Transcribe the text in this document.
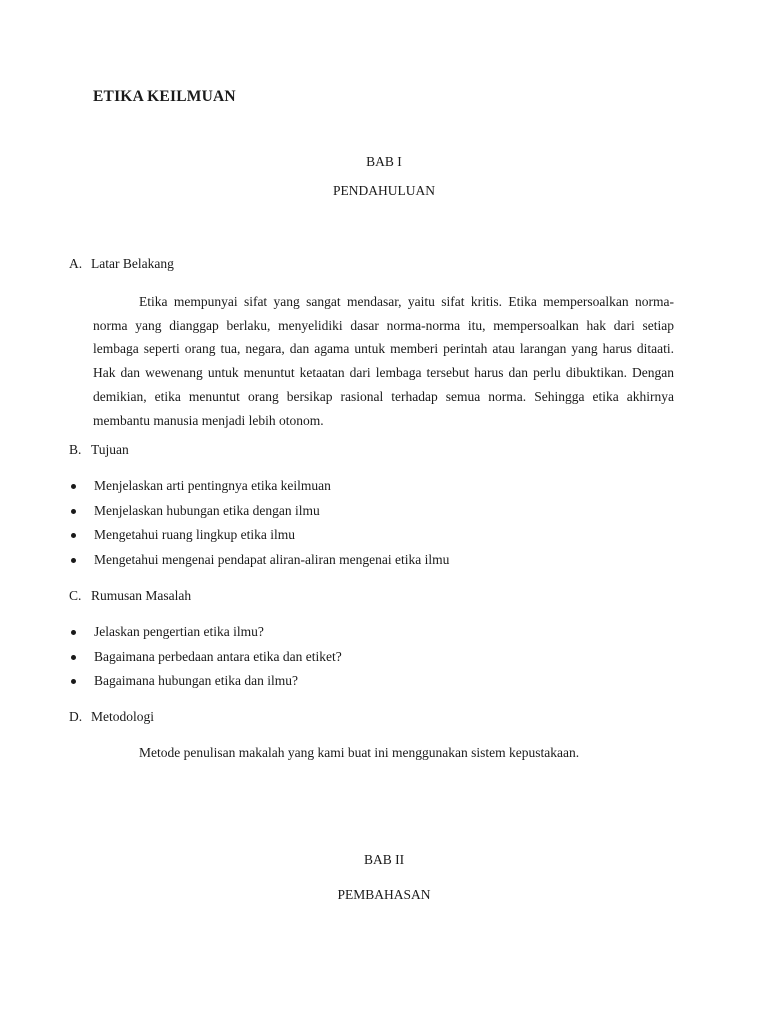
ETIKA KEILMUAN

BAB I

PENDAHULUAN

A. Latar Belakang

Etika mempunyai sifat yang sangat mendasar, yaitu sifat kritis. Etika mempersoalkan norma-norma yang dianggap berlaku, menyelidiki dasar norma-norma itu, mempersoalkan hak dari setiap lembaga seperti orang tua, negara, dan agama untuk memberi perintah atau larangan yang harus ditaati. Hak dan wewenang untuk menuntut ketaatan dari lembaga tersebut harus dan perlu dibuktikan. Dengan demikian, etika menuntut orang bersikap rasional terhadap semua norma. Sehingga etika akhirnya membantu manusia menjadi lebih otonom.

B. Tujuan

Menjelaskan arti pentingnya etika keilmuan
Menjelaskan hubungan etika dengan ilmu
Mengetahui ruang lingkup etika ilmu
Mengetahui mengenai pendapat aliran-aliran mengenai etika ilmu

C. Rumusan Masalah

Jelaskan pengertian etika ilmu?
Bagaimana perbedaan antara etika dan etiket?
Bagaimana hubungan etika dan ilmu?

D. Metodologi

Metode penulisan makalah yang kami buat ini menggunakan sistem kepustakaan.

BAB II

PEMBAHASAN
